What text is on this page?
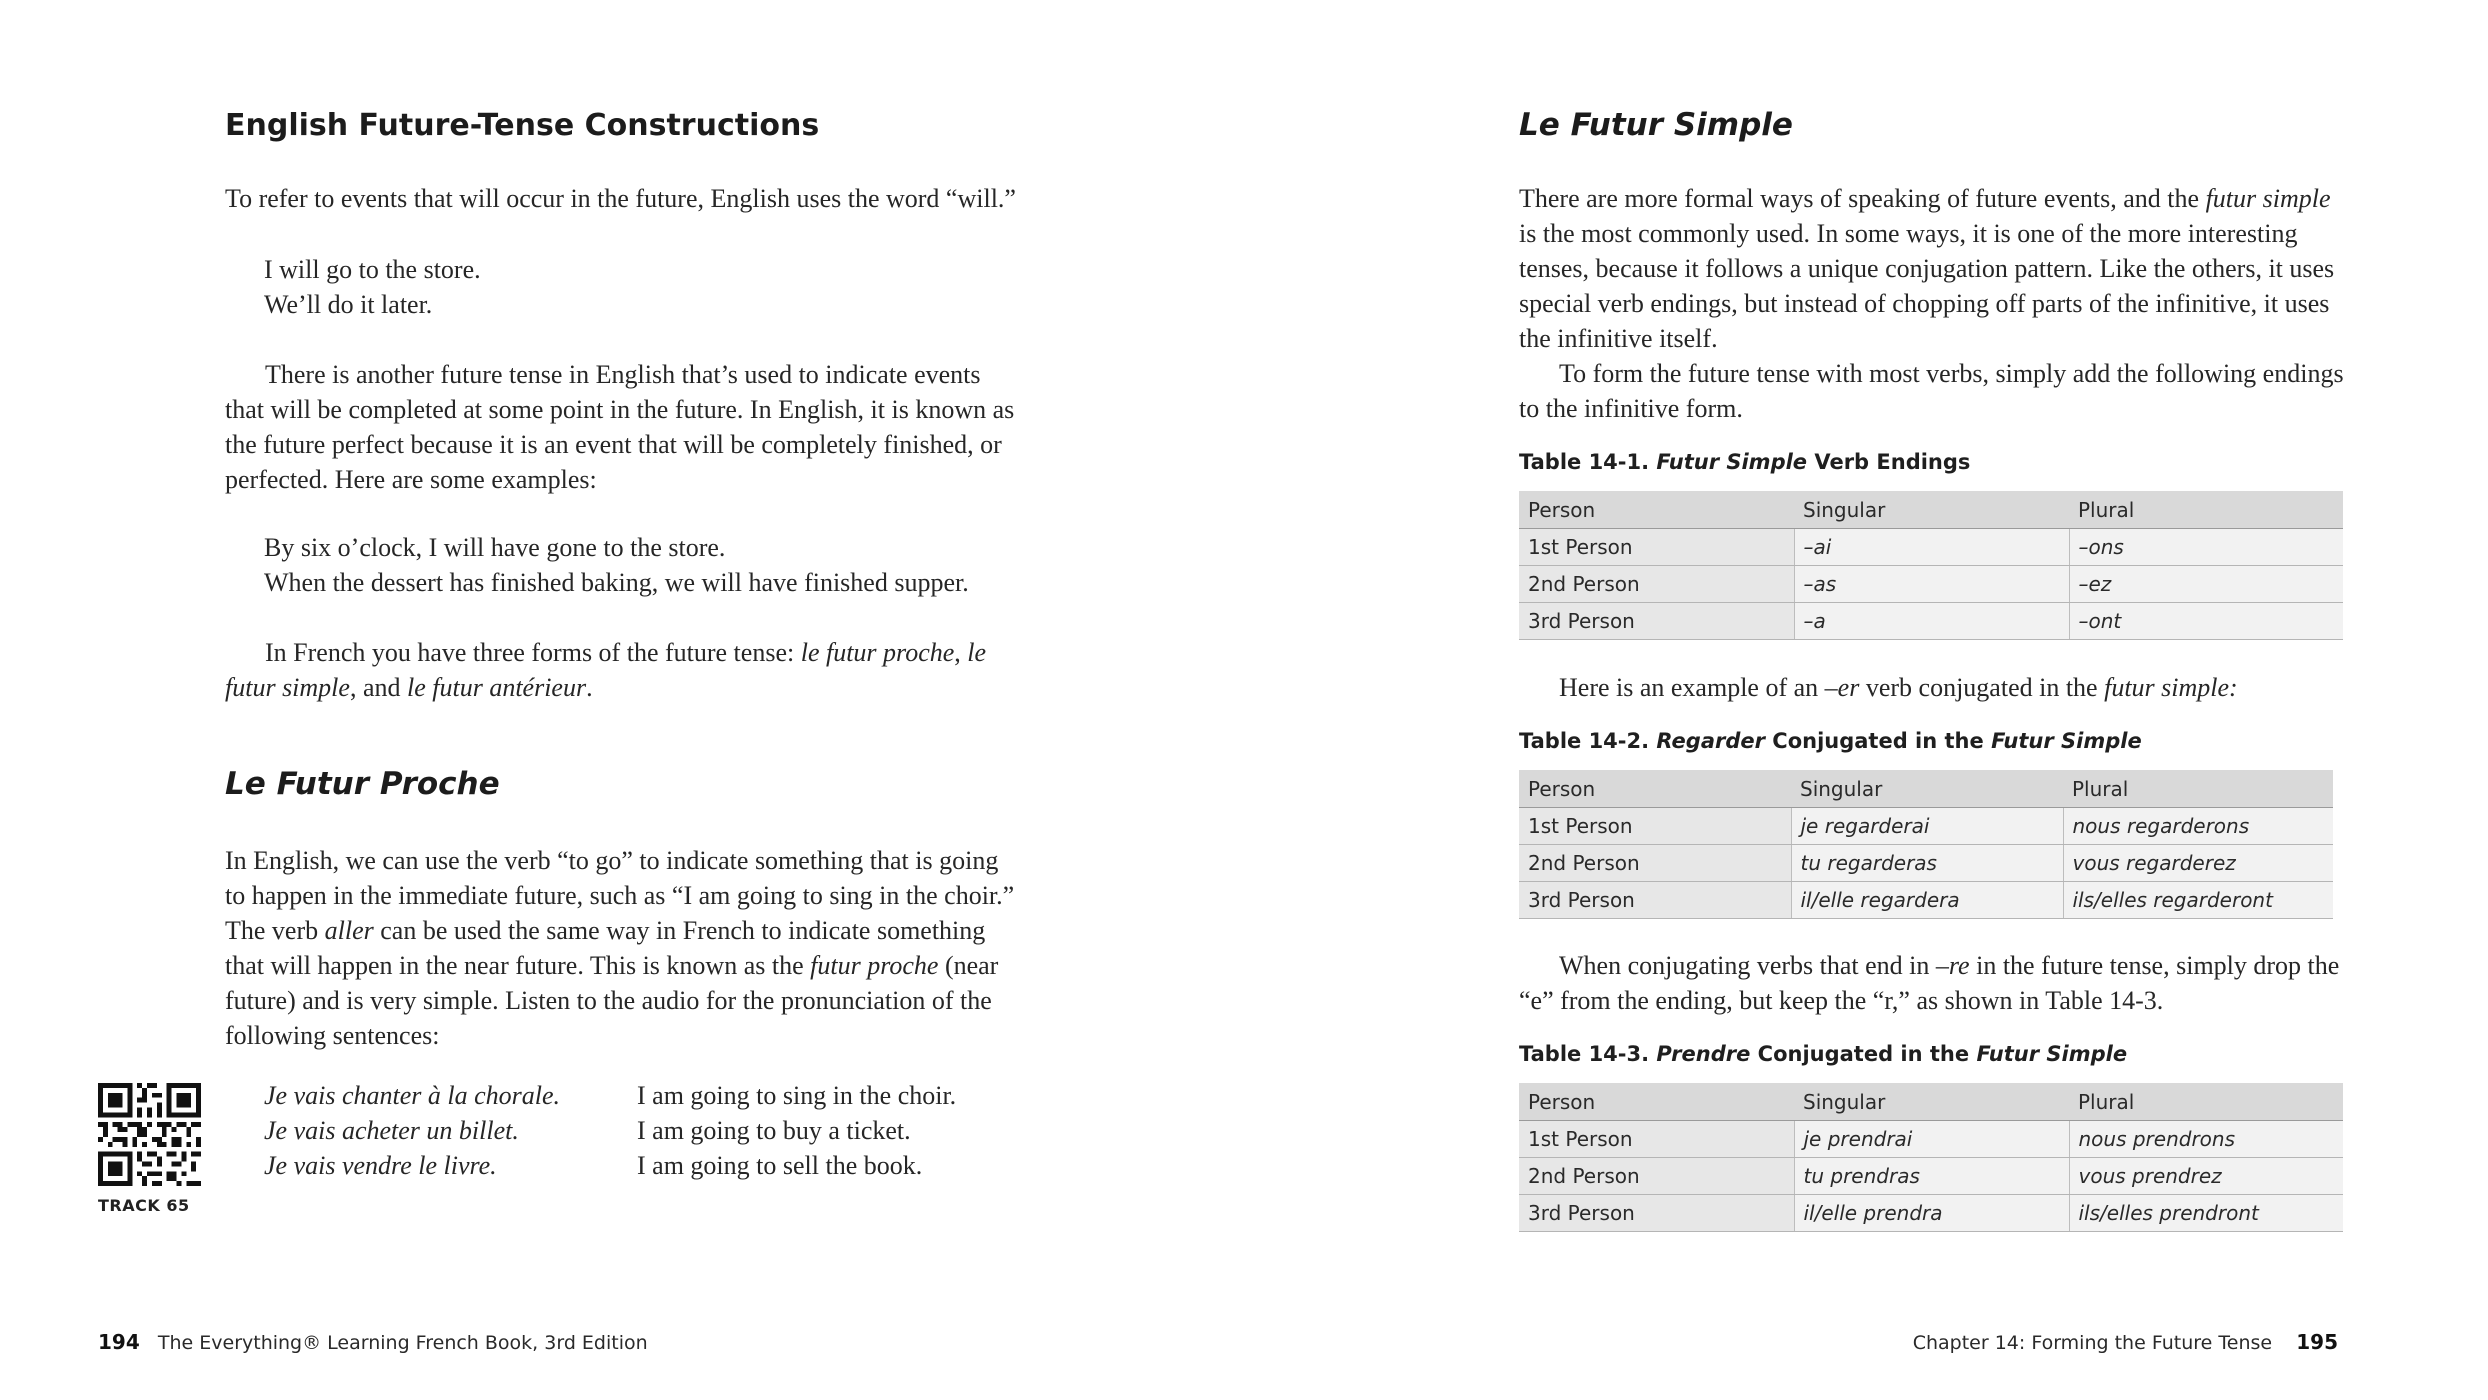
English Future-Tense Constructions

To refer to events that will occur in the future, English uses the word “will.”

I will go to the store.
We’ll do it later.

There is another future tense in English that’s used to indicate events that will be completed at some point in the future. In English, it is known as the future perfect because it is an event that will be completely finished, or perfected. Here are some examples:

By six o’clock, I will have gone to the store.
When the dessert has finished baking, we will have finished supper.

In French you have three forms of the future tense: le futur proche, le futur simple, and le futur antérieur.

Le Futur Proche

In English, we can use the verb “to go” to indicate something that is going to happen in the immediate future, such as “I am going to sing in the choir.” The verb aller can be used the same way in French to indicate something that will happen in the near future. This is known as the futur proche (near future) and is very simple. Listen to the audio for the pronunciation of the following sentences:

TRACK 65
Je vais chanter à la chorale.	I am going to sing in the choir.
Je vais acheter un billet.	I am going to buy a ticket.
Je vais vendre le livre.	I am going to sell the book.
194 The Everything® Learning French Book, 3rd Edition
Le Futur Simple

There are more formal ways of speaking of future events, and the futur simple is the most commonly used. In some ways, it is one of the more interesting tenses, because it follows a unique conjugation pattern. Like the others, it uses special verb endings, but instead of chopping off parts of the infinitive, it uses the infinitive itself.

To form the future tense with most verbs, simply add the following endings to the infinitive form.

Table 14-1. Futur Simple Verb Endings

Person	Singular	Plural
1st Person	–ai	–ons
2nd Person	–as	–ez
3rd Person	–a	–ont

Here is an example of an –er verb conjugated in the futur simple:

Table 14-2. Regarder Conjugated in the Futur Simple

Person	Singular	Plural
1st Person	je regarderai	nous regarderons
2nd Person	tu regarderas	vous regarderez
3rd Person	il/elle regardera	ils/elles regarderont

When conjugating verbs that end in –re in the future tense, simply drop the “e” from the ending, but keep the “r,” as shown in Table 14-3.

Table 14-3. Prendre Conjugated in the Futur Simple

Person	Singular	Plural
1st Person	je prendrai	nous prendrons
2nd Person	tu prendras	vous prendrez
3rd Person	il/elle prendra	ils/elles prendront
Chapter 14: Forming the Future Tense 195
